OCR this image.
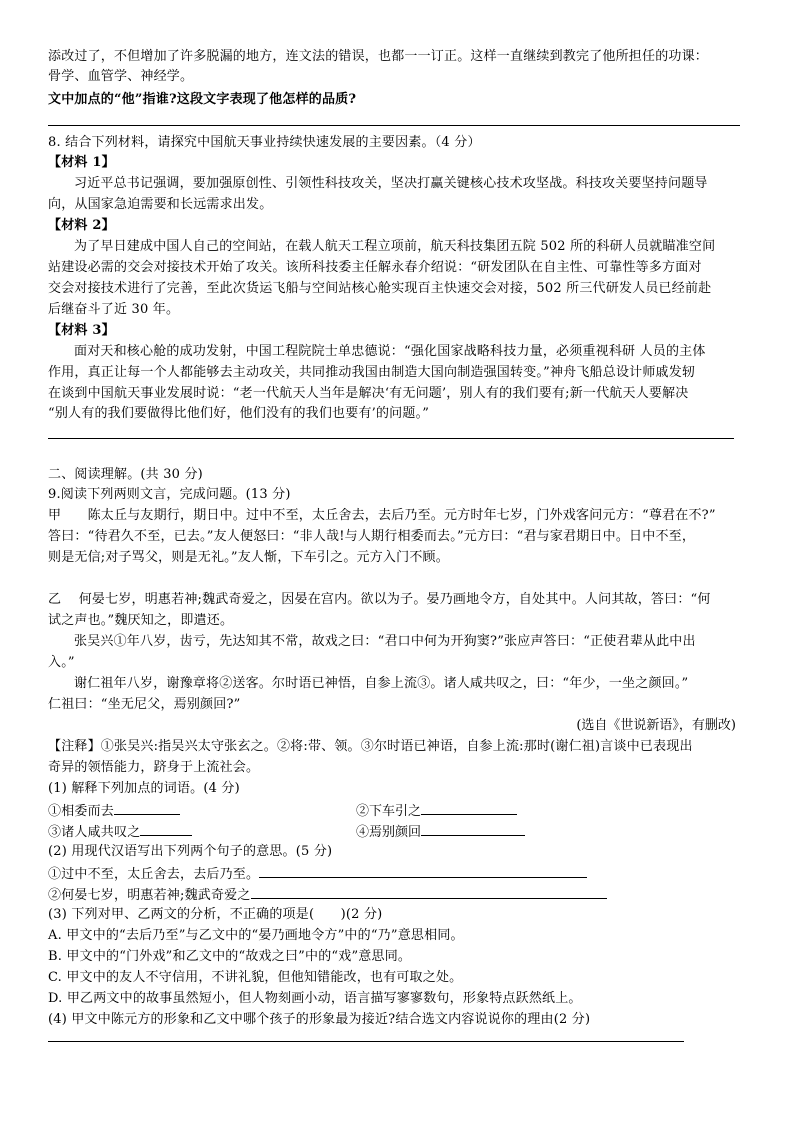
添改过了，不但增加了许多脱漏的地方，连文法的错误，也都一一订正。这样一直继续到教完了他所担任的功课：
骨学、血管学、神经学。
文中加点的“他”指谁?这段文字表现了他怎样的品质?
8. 结合下列材料，请探究中国航天事业持续快速发展的主要因素。（4 分）
【材料 1】
习近平总书记强调，要加强原创性、引领性科技攻关，坚决打赢关键核心技术攻坚战。科技攻关要坚持问题导
向，从国家急迫需要和长远需求出发。
【材料 2】
为了早日建成中国人自己的空间站，在载人航天工程立项前，航天科技集团五院 502 所的科研人员就瞄准空间
站建设必需的交会对接技术开始了攻关。该所科技委主任解永春介绍说：“研发团队在自主性、可靠性等多方面对
交会对接技术进行了完善，至此次货运飞船与空间站核心舱实现百主快速交会对接，502 所三代研发人员已经前赴
后继奋斗了近 30 年。
【材料 3】
面对天和核心舱的成功发射，中国工程院院士单忠德说：“强化国家战略科技力量，必须重视科研 人员的主体
作用，真正让每一个人都能够去主动攻关，共同推动我国由制造大国向制造强国转变。”神舟飞船总设计师戚发轫
在谈到中国航天事业发展时说：“老一代航天人当年是解决‘有无问题’，别人有的我们要有;新一代航天人要解决
“别人有的我们要做得比他们好，他们没有的我们也要有’的问题。”
二、阅读理解。(共 30 分)
9.阅读下列两则文言，完成问题。(13 分)
甲　　陈太丘与友期行，期日中。过中不至，太丘舍去，去后乃至。元方时年七岁，门外戏客问元方：“尊君在不?”
答曰：“待君久不至，已去。”友人便怒曰：“非人哉!与人期行相委而去。”元方曰：“君与家君期日中。日中不至，
则是无信;对子骂父，则是无礼。”友人惭，下车引之。元方入门不顾。
乙　 何晏七岁，明惠若神;魏武奇爱之，因晏在宫内。欲以为子。晏乃画地令方，自处其中。人问其故，答曰：“何
试之声也。”魏厌知之，即遣还。
张吴兴①年八岁，齿亏，先达知其不常，故戏之曰：“君口中何为开狗窦?”张应声答曰：“正使君辈从此中出
入。”
谢仁祖年八岁，谢豫章将②送客。尔时语已神悟，自参上流③。诸人咸共叹之，曰：“年少，一坐之颜回。”
仁祖曰：“坐无尼父，焉别颜回?”
(选自《世说新语》，有删改)
【注释】①张吴兴:指吴兴太守张玄之。②将:带、领。③尔时语已神语，自参上流:那时(谢仁祖)言谈中已表现出
奇异的领悟能力，跻身于上流社会。
(1) 解释下列加点的词语。(4 分)
①相委而去	②下车引之
③诸人咸共叹之	④焉别颜回
(2) 用现代汉语写出下列两个句子的意思。(5 分)
①过中不至，太丘舍去，去后乃至。
②何晏七岁，明惠若神;魏武奇爱之
(3) 下列对甲、乙两文的分析，不正确的项是(　　)(2 分)
A. 甲文中的“去后乃至”与乙文中的“晏乃画地令方”中的“乃”意思相同。
B. 甲文中的“门外戏”和乙文中的“故戏之曰”中的“戏”意思同。
C. 甲文中的友人不守信用，不讲礼貌，但他知错能改，也有可取之处。
D. 甲乙两文中的故事虽然短小，但人物刻画小动，语言描写寥寥数句，形象特点跃然纸上。
(4) 甲文中陈元方的形象和乙文中哪个孩子的形象最为接近?结合选文内容说说你的理由(2 分)
